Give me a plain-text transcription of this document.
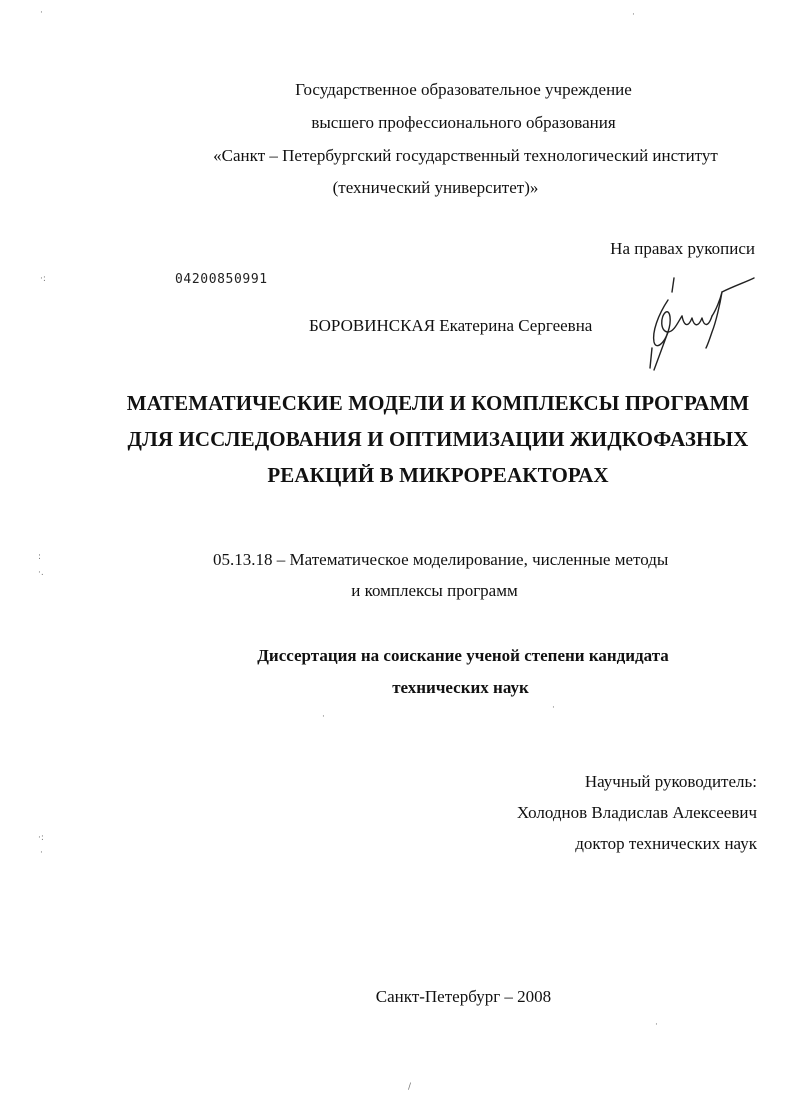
Государственное образовательное учреждение
высшего профессионального образования
«Санкт – Петербургский государственный технологический институт
(технический университет)»
На правах рукописи
04200850991
БОРОВИНСКАЯ Екатерина Сергеевна
МАТЕМАТИЧЕСКИЕ МОДЕЛИ И КОМПЛЕКСЫ ПРОГРАММ
ДЛЯ ИССЛЕДОВАНИЯ И ОПТИМИЗАЦИИ ЖИДКОФАЗНЫХ
РЕАКЦИЙ В МИКРОРЕАКТОРАХ
05.13.18 – Математическое моделирование, численные методы
и комплексы программ
Диссертация на соискание ученой степени кандидата
технических наук
Научный руководитель:
Холоднов Владислав Алексеевич
доктор технических наук
Санкт-Петербург – 2008
·:
:
·.
·:
·
·
·
·	·
·
/
